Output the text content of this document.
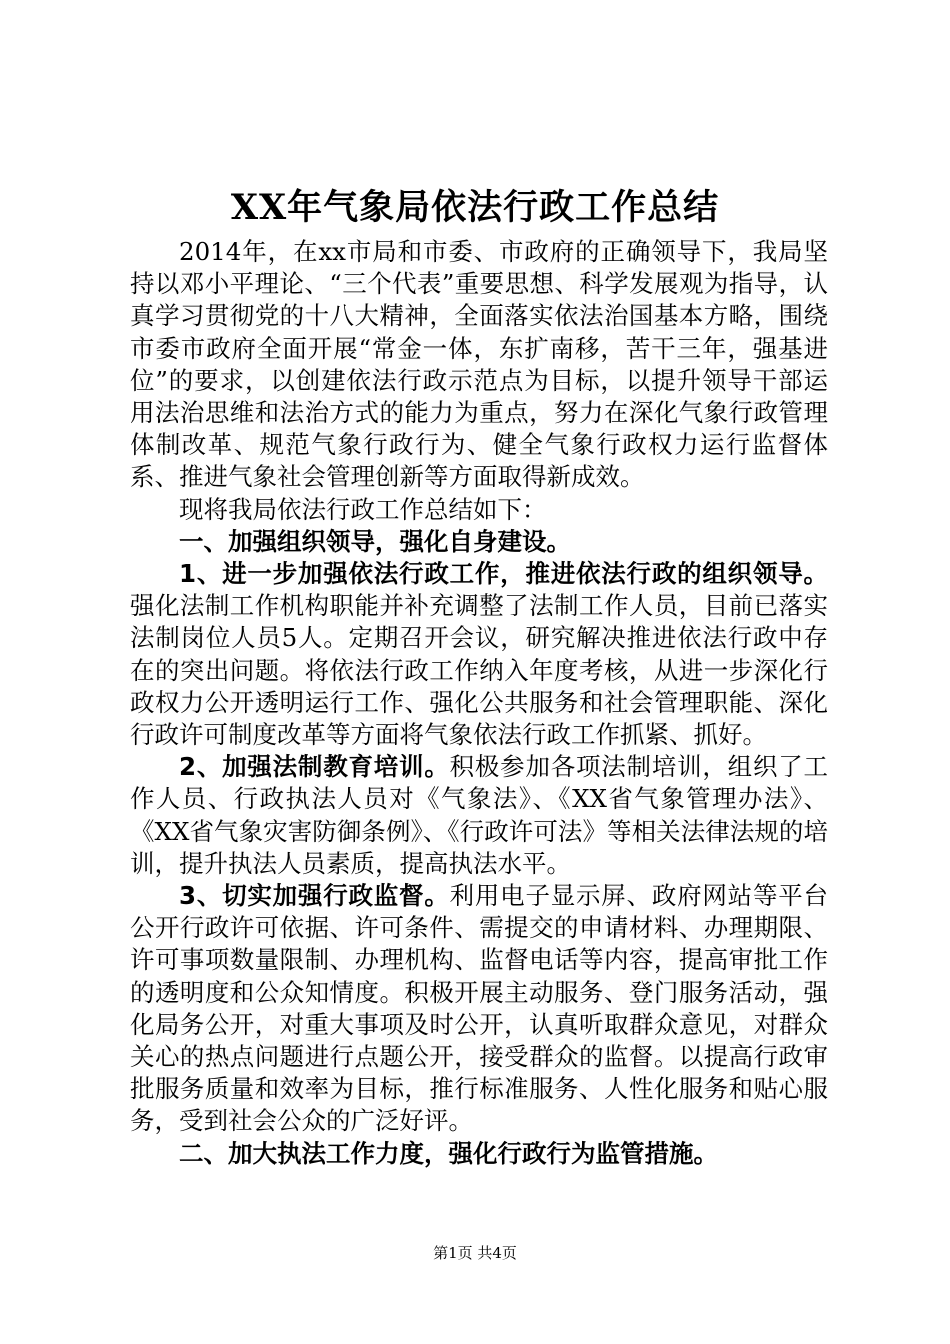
XX年气象局依法行政工作总结

2014年，在xx市局和市委、市政府的正确领导下，我局坚持以邓小平理论、“三个代表”重要思想、科学发展观为指导，认真学习贯彻党的十八大精神，全面落实依法治国基本方略，围绕市委市政府全面开展“常金一体，东扩南移，苦干三年，强基进位”的要求，以创建依法行政示范点为目标，以提升领导干部运用法治思维和法治方式的能力为重点，努力在深化气象行政管理体制改革、规范气象行政行为、健全气象行政权力运行监督体系、推进气象社会管理创新等方面取得新成效。

现将我局依法行政工作总结如下：

一、加强组织领导，强化自身建设。

1、进一步加强依法行政工作，推进依法行政的组织领导。强化法制工作机构职能并补充调整了法制工作人员，目前已落实法制岗位人员5人。定期召开会议，研究解决推进依法行政中存在的突出问题。将依法行政工作纳入年度考核，从进一步深化行政权力公开透明运行工作、强化公共服务和社会管理职能、深化行政许可制度改革等方面将气象依法行政工作抓紧、抓好。

2、加强法制教育培训。积极参加各项法制培训，组织了工作人员、行政执法人员对《气象法》、《XX省气象管理办法》、《XX省气象灾害防御条例》、《行政许可法》等相关法律法规的培训，提升执法人员素质，提高执法水平。

3、切实加强行政监督。利用电子显示屏、政府网站等平台公开行政许可依据、许可条件、需提交的申请材料、办理期限、许可事项数量限制、办理机构、监督电话等内容，提高审批工作的透明度和公众知情度。积极开展主动服务、登门服务活动，强化局务公开，对重大事项及时公开，认真听取群众意见，对群众关心的热点问题进行点题公开，接受群众的监督。以提高行政审批服务质量和效率为目标，推行标准服务、人性化服务和贴心服务，受到社会公众的广泛好评。

二、加大执法工作力度，强化行政行为监管措施。

第1页 共4页
